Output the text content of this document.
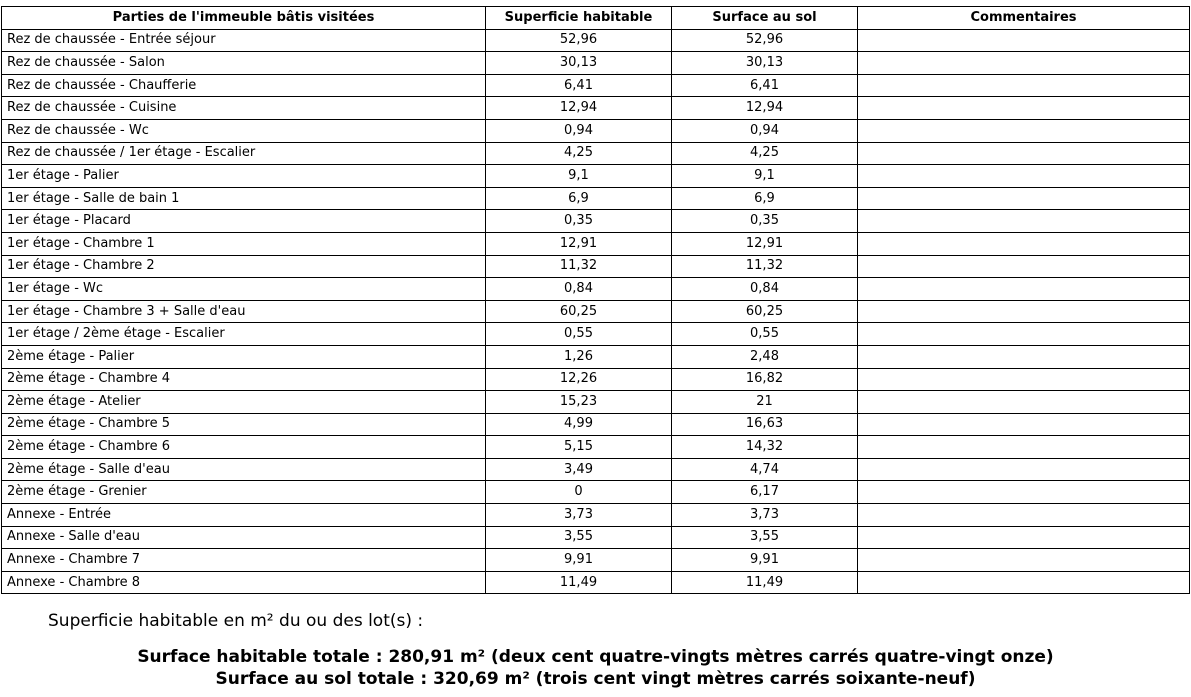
Parties de l'immeuble bâtis visitées	Superficie habitable	Surface au sol	Commentaires
Rez de chaussée - Entrée séjour	52,96	52,96	
Rez de chaussée - Salon	30,13	30,13	
Rez de chaussée - Chaufferie	6,41	6,41	
Rez de chaussée - Cuisine	12,94	12,94	
Rez de chaussée - Wc	0,94	0,94	
Rez de chaussée / 1er étage - Escalier	4,25	4,25	
1er étage - Palier	9,1	9,1	
1er étage - Salle de bain 1	6,9	6,9	
1er étage - Placard	0,35	0,35	
1er étage - Chambre 1	12,91	12,91	
1er étage - Chambre 2	11,32	11,32	
1er étage - Wc	0,84	0,84	
1er étage - Chambre 3 + Salle d'eau	60,25	60,25	
1er étage / 2ème étage - Escalier	0,55	0,55	
2ème étage - Palier	1,26	2,48	
2ème étage - Chambre 4	12,26	16,82	
2ème étage - Atelier	15,23	21	
2ème étage - Chambre 5	4,99	16,63	
2ème étage - Chambre 6	5,15	14,32	
2ème étage - Salle d'eau	3,49	4,74	
2ème étage - Grenier	0	6,17	
Annexe - Entrée	3,73	3,73	
Annexe - Salle d'eau	3,55	3,55	
Annexe - Chambre 7	9,91	9,91	
Annexe - Chambre 8	11,49	11,49	
Superficie habitable en m² du ou des lot(s) :
Surface habitable totale : 280,91 m² (deux cent quatre-vingts mètres carrés quatre-vingt onze)
Surface au sol totale : 320,69 m² (trois cent vingt mètres carrés soixante-neuf)
